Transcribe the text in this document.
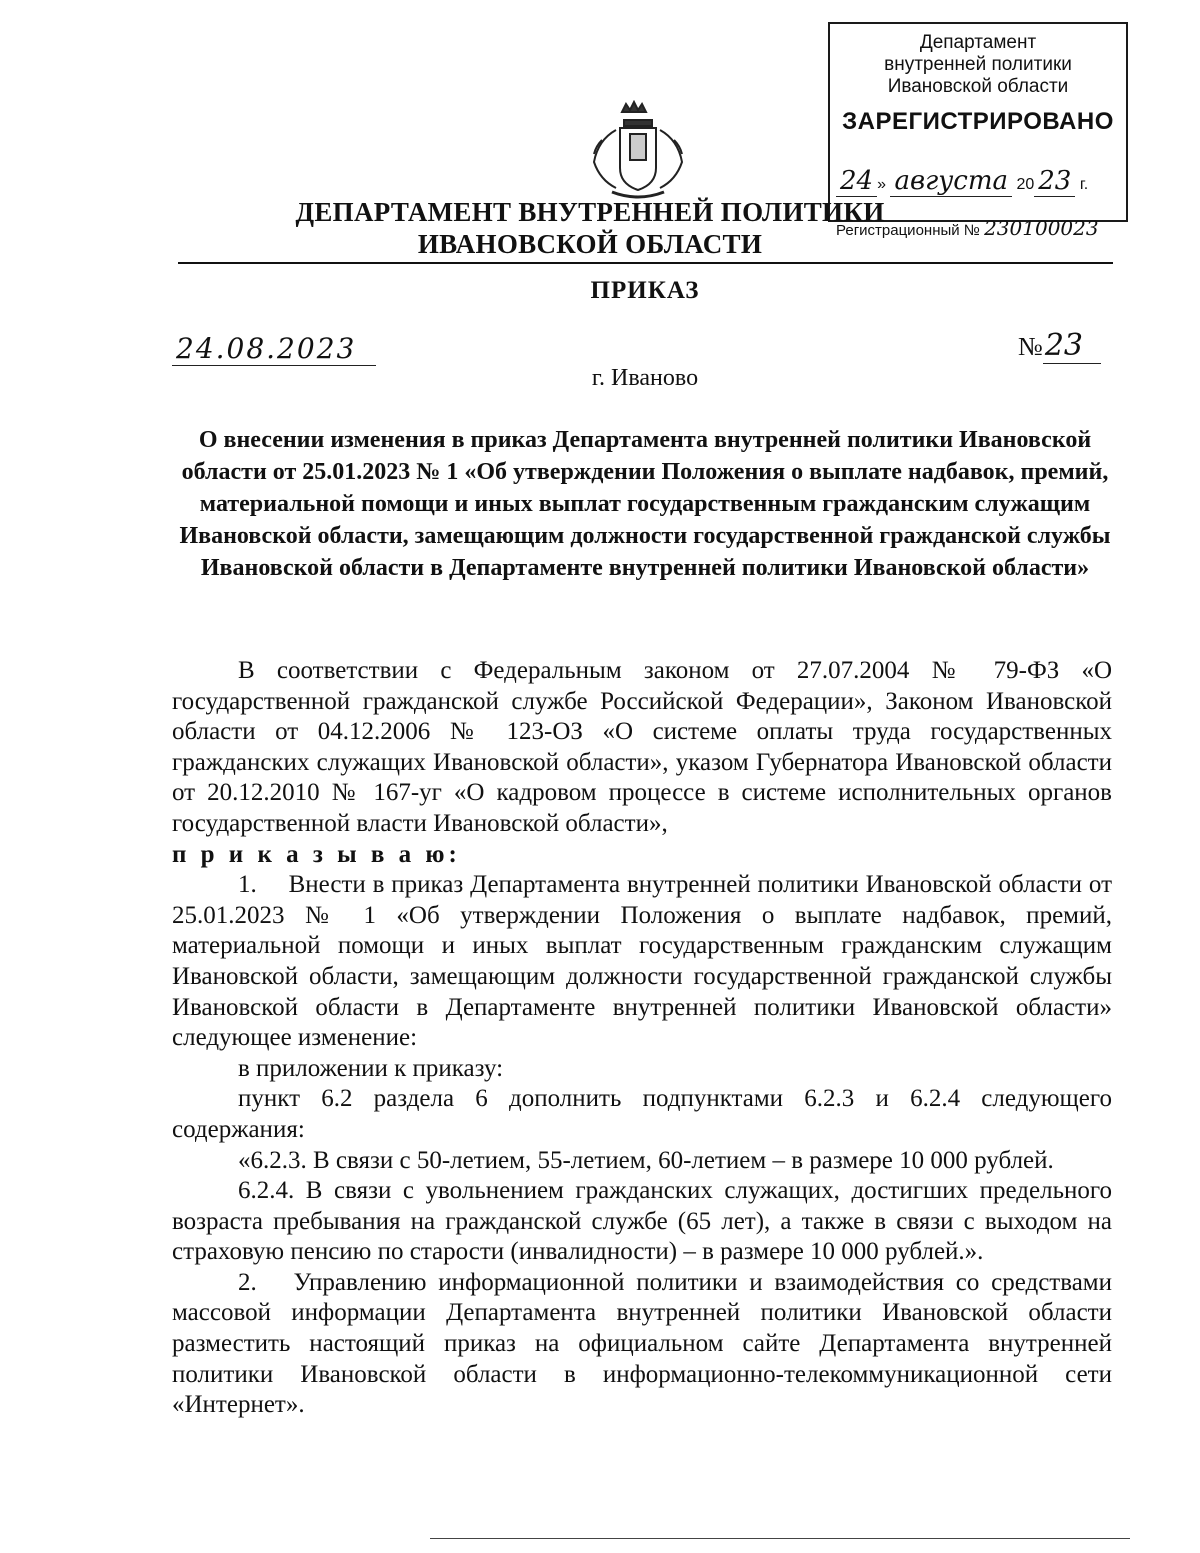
Департамент
внутренней политики
Ивановской области
ЗАРЕГИСТРИРОВАНО
24 » августа 20 23 г.
Регистрационный № 230100023
ДЕПАРТАМЕНТ ВНУТРЕННЕЙ ПОЛИТИКИ
ИВАНОВСКОЙ ОБЛАСТИ
ПРИКАЗ
24.08.2023	№23
г. Иваново
О внесении изменения в приказ Департамента внутренней политики Ивановской области от 25.01.2023 № 1 «Об утверждении Положения о выплате надбавок, премий, материальной помощи и иных выплат государственным гражданским служащим Ивановской области, замещающим должности государственной гражданской службы Ивановской области в Департаменте внутренней политики Ивановской области»

В соответствии с Федеральным законом от 27.07.2004 № 79-ФЗ «О государственной гражданской службе Российской Федерации», Законом Ивановской области от 04.12.2006 № 123-ОЗ «О системе оплаты труда государственных гражданских служащих Ивановской области», указом Губернатора Ивановской области от 20.12.2010 № 167-уг «О кадровом процессе в системе исполнительных органов государственной власти Ивановской области»,

п р и к а з ы в а ю:

1.  Внести в приказ Департамента внутренней политики Ивановской области от 25.01.2023 № 1 «Об утверждении Положения о выплате надбавок, премий, материальной помощи и иных выплат государственным гражданским служащим Ивановской области, замещающим должности государственной гражданской службы Ивановской области в Департаменте внутренней политики Ивановской области» следующее изменение:

в приложении к приказу:

пункт 6.2 раздела 6 дополнить подпунктами 6.2.3 и 6.2.4 следующего содержания:

«6.2.3. В связи с 50-летием, 55-летием, 60-летием – в размере 10 000 рублей.

6.2.4. В связи с увольнением гражданских служащих, достигших предельного возраста пребывания на гражданской службе (65 лет), а также в связи с выходом на страховую пенсию по старости (инвалидности) – в размере 10 000 рублей.».

2.  Управлению информационной политики и взаимодействия со средствами массовой информации Департамента внутренней политики Ивановской области разместить настоящий приказ на официальном сайте Департамента внутренней политики Ивановской области в информационно-телекоммуникационной сети «Интернет».
